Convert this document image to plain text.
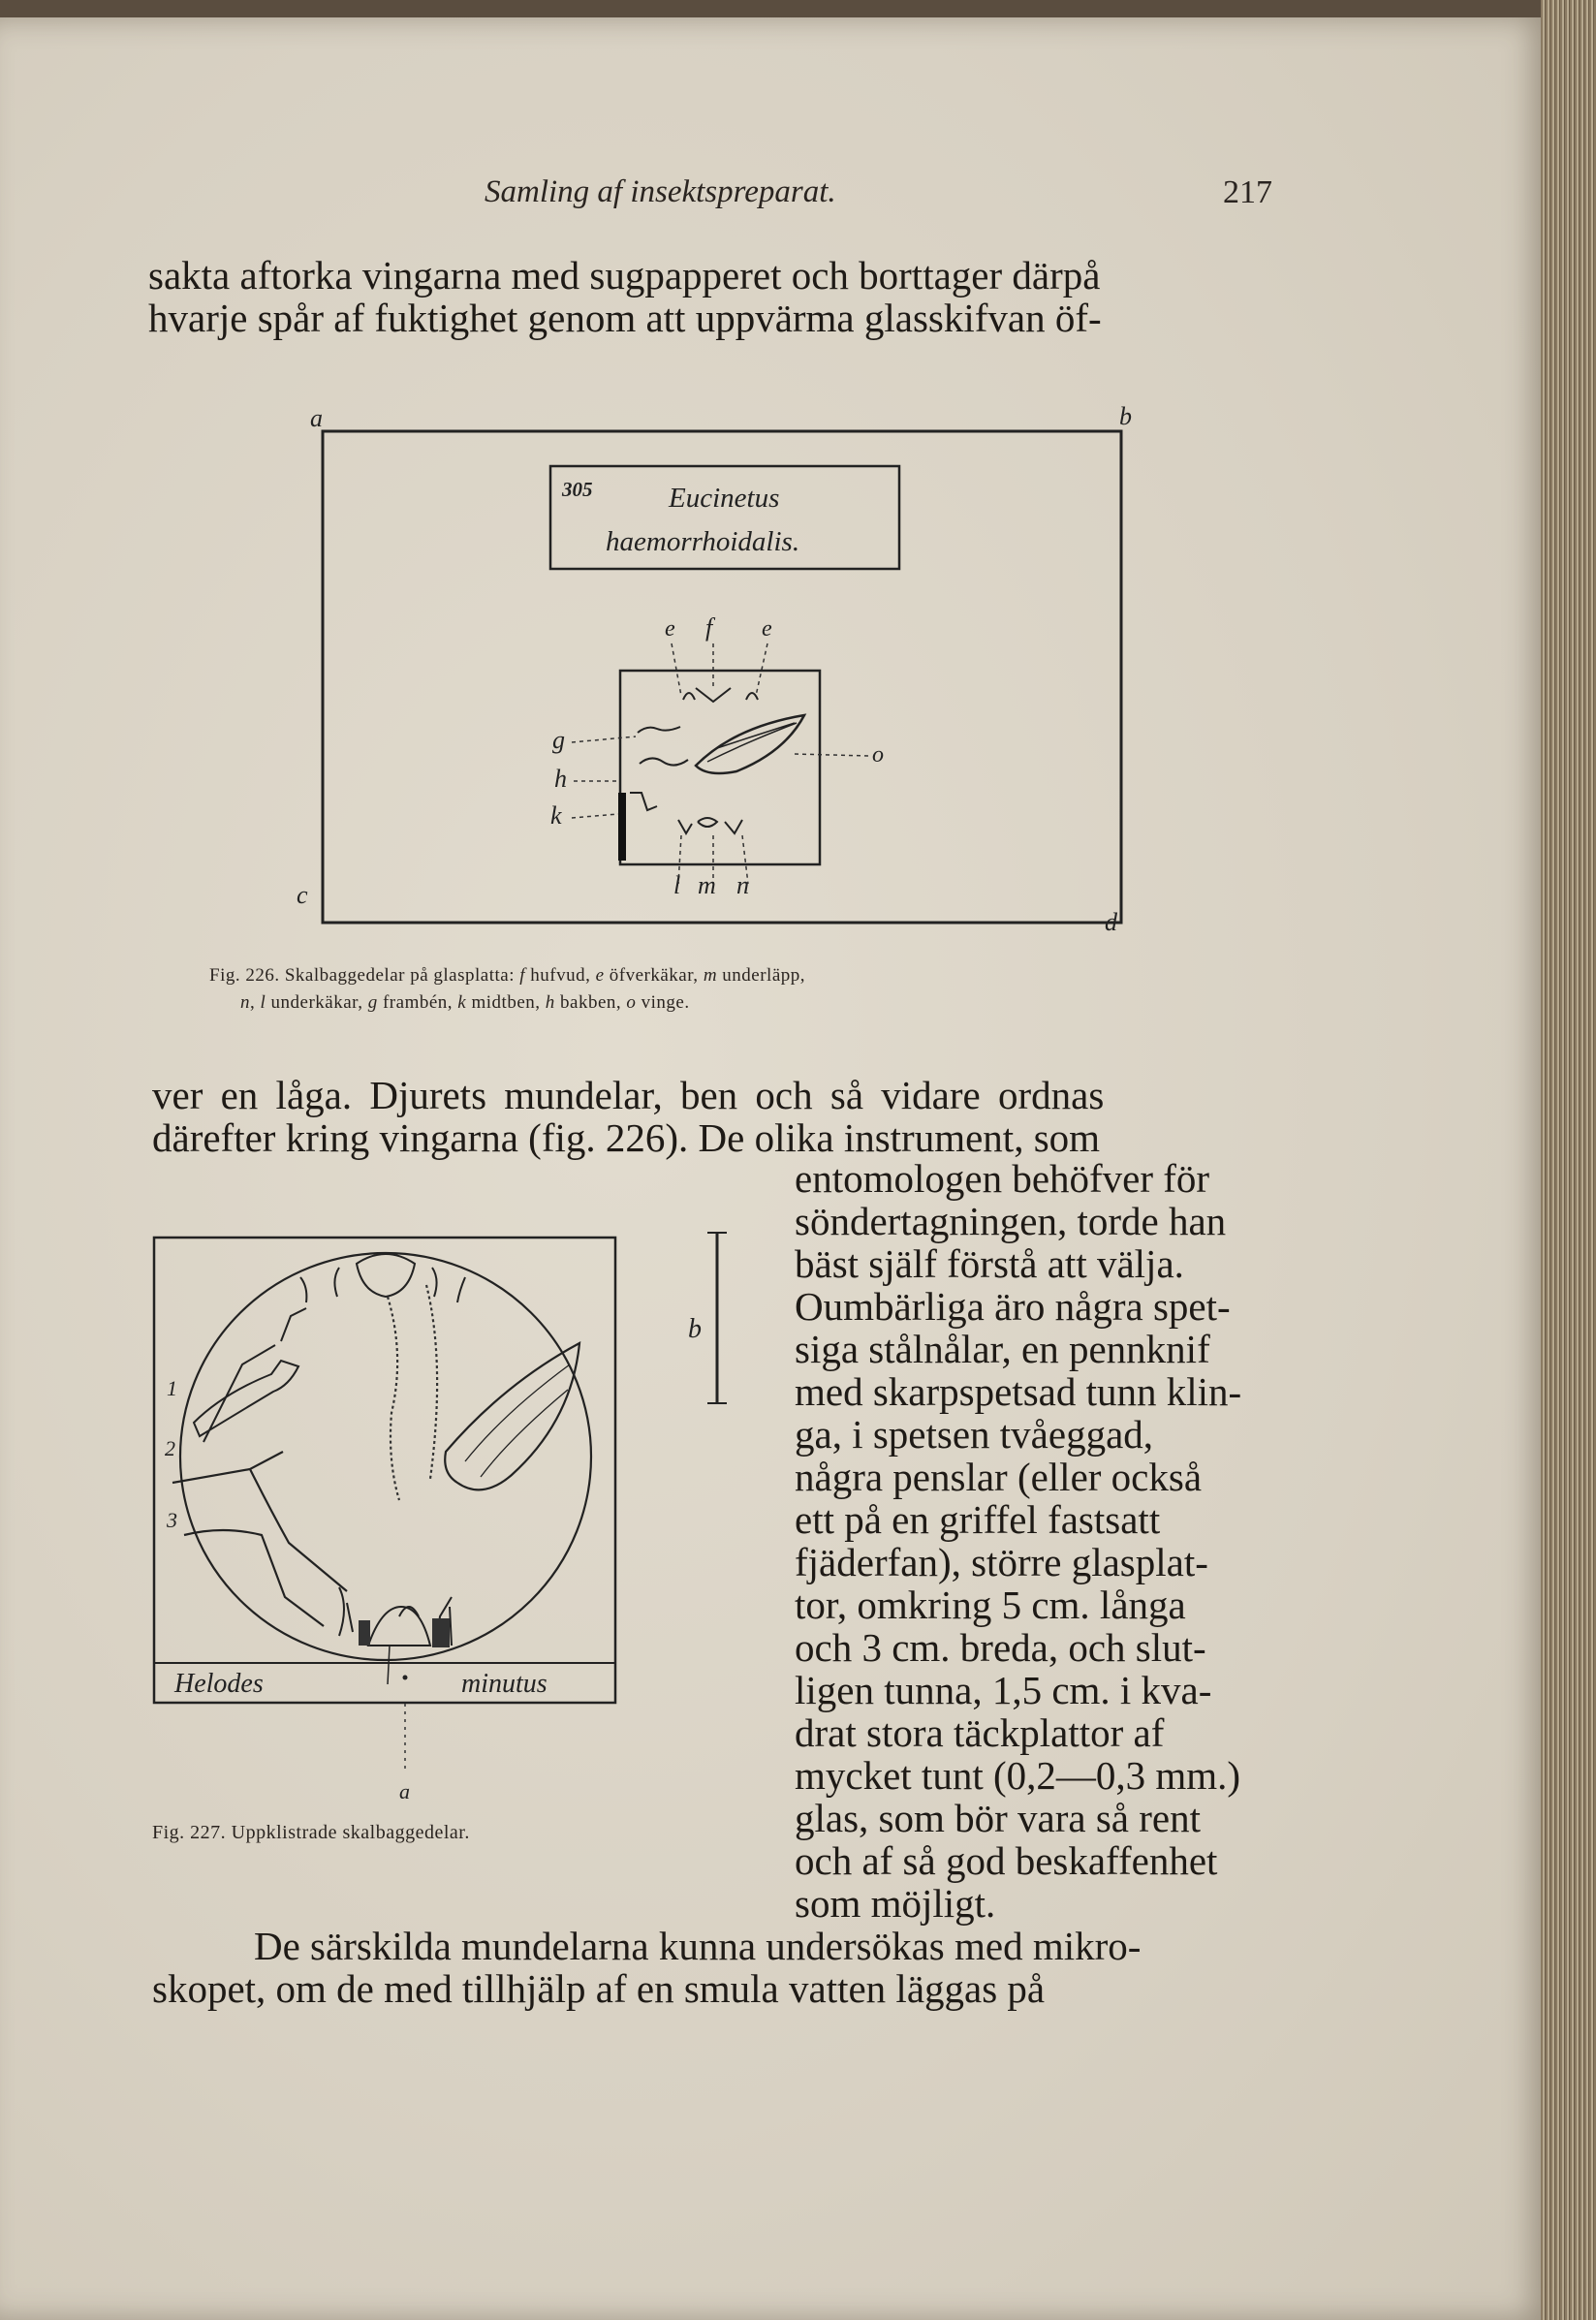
Samling af insektspreparat.	217
sakta aftorka vingarna med sugpapperet och borttager därpå
hvarje spår af fuktighet genom att uppvärma glasskifvan öf-
a	b
c
d
305	Eucinetus
haemorrhoidalis.
e f e
g
h
k
o
l m n
Fig. 226. Skalbaggedelar på glasplatta: f hufvud, e öfverkäkar, m underläpp,
n, l underkäkar, g frambén, k midtben, h bakben, o vinge.
ver en låga. Djurets mundelar, ben och så vidare ordnas
därefter kring vingarna (fig. 226). De olika instrument, som
Helodes	minutus
a
1
2
3
b
Fig. 227. Uppklistrade skalbaggedelar.
entomologen behöfver för
söndertagningen, torde han
bäst själf förstå att välja.
Oumbärliga äro några spet-
siga stålnålar, en pennknif
med skarpspetsad tunn klin-
ga, i spetsen tvåeggad,
några penslar (eller också
ett på en griffel fastsatt
fjäderfan), större glasplat-
tor, omkring 5 cm. långa
och 3 cm. breda, och slut-
ligen tunna, 1,5 cm. i kva-
drat stora täckplattor af
mycket tunt (0,2—0,3 mm.)
glas, som bör vara så rent
och af så god beskaffenhet
som möjligt.
De särskilda mundelarna kunna undersökas med mikro-
skopet, om de med tillhjälp af en smula vatten läggas på
